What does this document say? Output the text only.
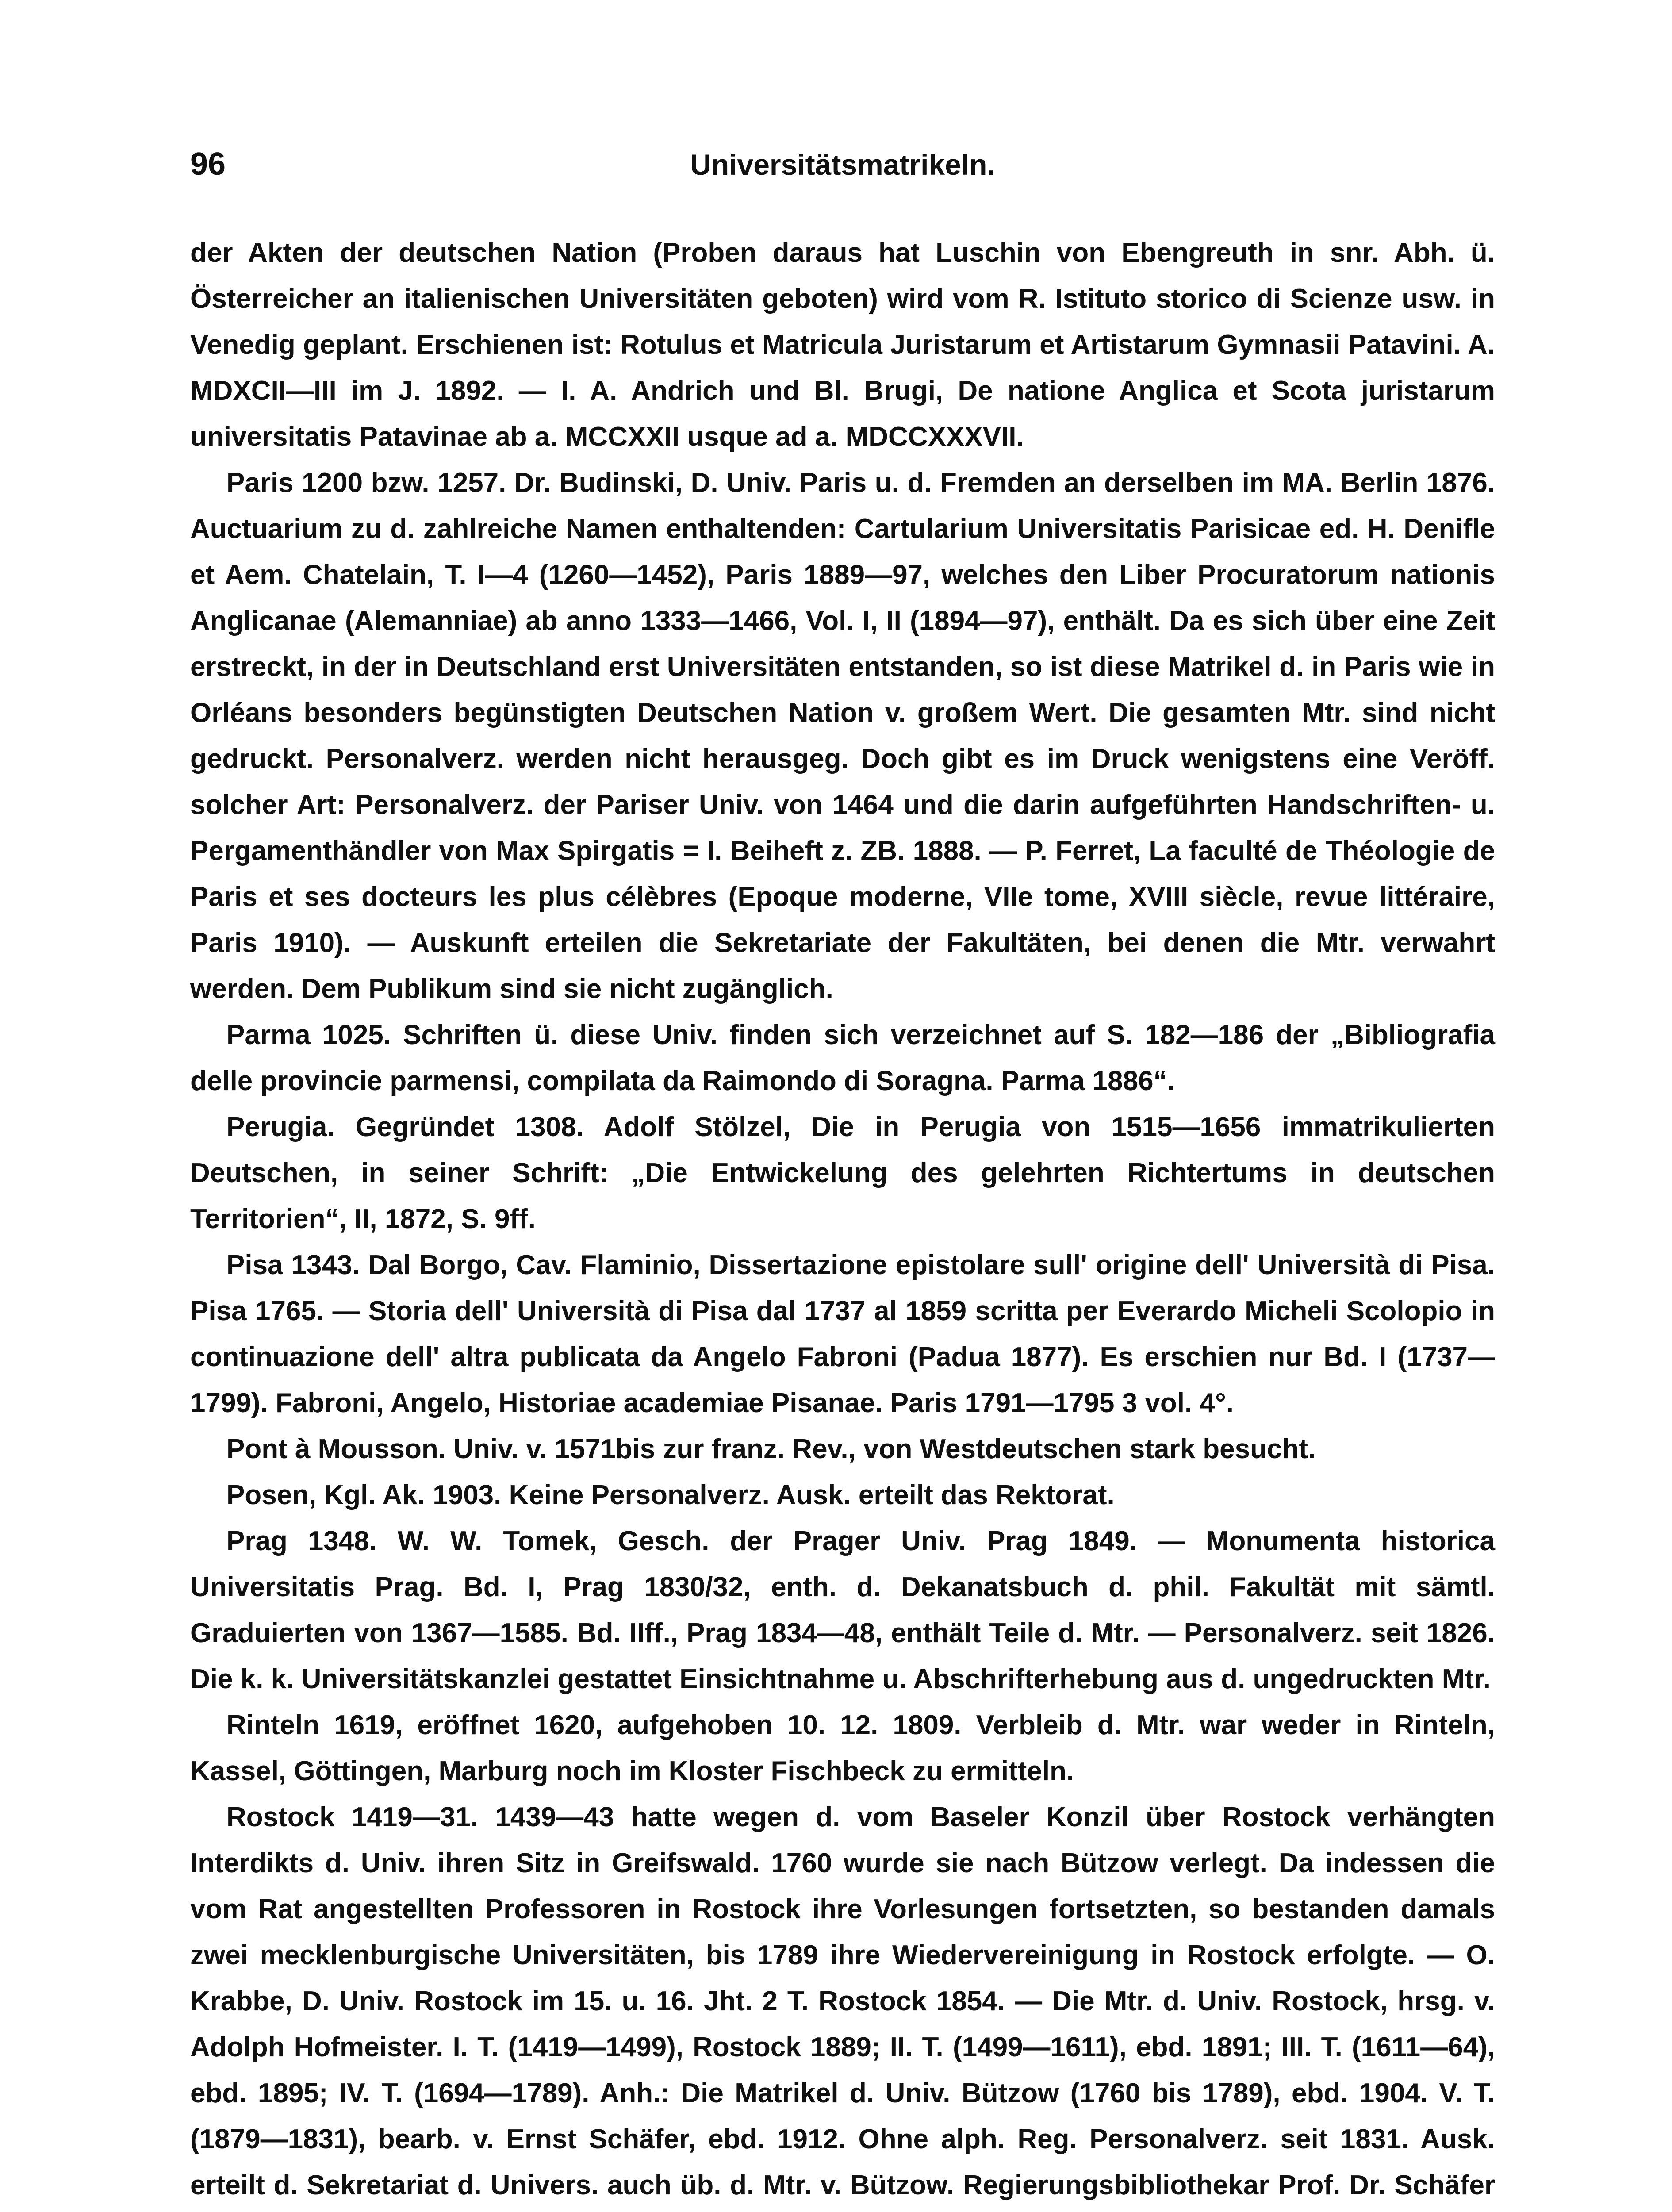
96	Universitätsmatrikeln.

der Akten der deutschen Nation (Proben daraus hat Luschin von Ebengreuth in snr. Abh. ü. Österreicher an italienischen Universitäten geboten) wird vom R. Istituto storico di Scienze usw. in Venedig geplant. Erschienen ist: Rotulus et Matricula Juristarum et Artistarum Gymnasii Patavini. A. MDXCII—III im J. 1892. — I. A. Andrich und Bl. Brugi, De natione Anglica et Scota juristarum universitatis Patavinae ab a. MCCXXII usque ad a. MDCCXXXVII.

Paris 1200 bzw. 1257. Dr. Budinski, D. Univ. Paris u. d. Fremden an derselben im MA. Berlin 1876. Auctuarium zu d. zahlreiche Namen enthaltenden: Cartularium Universitatis Parisicae ed. H. Denifle et Aem. Chatelain, T. I—4 (1260—1452), Paris 1889—97, welches den Liber Procuratorum nationis Anglicanae (Alemanniae) ab anno 1333—1466, Vol. I, II (1894—97), enthält. Da es sich über eine Zeit erstreckt, in der in Deutschland erst Universitäten entstanden, so ist diese Matrikel d. in Paris wie in Orléans besonders begünstigten Deutschen Nation v. großem Wert. Die gesamten Mtr. sind nicht gedruckt. Personalverz. werden nicht herausgeg. Doch gibt es im Druck wenigstens eine Veröff. solcher Art: Personalverz. der Pariser Univ. von 1464 und die darin aufgeführten Handschriften- u. Pergamenthändler von Max Spirgatis = I. Beiheft z. ZB. 1888. — P. Ferret, La faculté de Théologie de Paris et ses docteurs les plus célèbres (Epoque moderne, VIIe tome, XVIII siècle, revue littéraire, Paris 1910). — Auskunft erteilen die Sekretariate der Fakultäten, bei denen die Mtr. verwahrt werden. Dem Publikum sind sie nicht zugänglich.

Parma 1025. Schriften ü. diese Univ. finden sich verzeichnet auf S. 182—186 der „Bibliografia delle provincie parmensi, compilata da Raimondo di Soragna. Parma 1886“.

Perugia. Gegründet 1308. Adolf Stölzel, Die in Perugia von 1515—1656 immatrikulierten Deutschen, in seiner Schrift: „Die Entwickelung des gelehrten Richtertums in deutschen Territorien“, II, 1872, S. 9ff.

Pisa 1343. Dal Borgo, Cav. Flaminio, Dissertazione epistolare sull' origine dell' Università di Pisa. Pisa 1765. — Storia dell' Università di Pisa dal 1737 al 1859 scritta per Everardo Micheli Scolopio in continuazione dell' altra publicata da Angelo Fabroni (Padua 1877). Es erschien nur Bd. I (1737—1799). Fabroni, Angelo, Historiae academiae Pisanae. Paris 1791—1795 3 vol. 4°.

Pont à Mousson. Univ. v. 1571bis zur franz. Rev., von Westdeutschen stark besucht.

Posen, Kgl. Ak. 1903. Keine Personalverz. Ausk. erteilt das Rektorat.

Prag 1348. W. W. Tomek, Gesch. der Prager Univ. Prag 1849. — Monumenta historica Universitatis Prag. Bd. I, Prag 1830/32, enth. d. Dekanatsbuch d. phil. Fakultät mit sämtl. Graduierten von 1367—1585. Bd. IIff., Prag 1834—48, enthält Teile d. Mtr. — Personalverz. seit 1826. Die k. k. Universitätskanzlei gestattet Einsichtnahme u. Abschrifterhebung aus d. ungedruckten Mtr.

Rinteln 1619, eröffnet 1620, aufgehoben 10. 12. 1809. Verbleib d. Mtr. war weder in Rinteln, Kassel, Göttingen, Marburg noch im Kloster Fischbeck zu ermitteln.

Rostock 1419—31. 1439—43 hatte wegen d. vom Baseler Konzil über Rostock verhängten Interdikts d. Univ. ihren Sitz in Greifswald. 1760 wurde sie nach Bützow verlegt. Da indessen die vom Rat angestellten Professoren in Rostock ihre Vorlesungen fortsetzten, so bestanden damals zwei mecklenburgische Universitäten, bis 1789 ihre Wiedervereinigung in Rostock erfolgte. — O. Krabbe, D. Univ. Rostock im 15. u. 16. Jht. 2 T. Rostock 1854. — Die Mtr. d. Univ. Rostock, hrsg. v. Adolph Hofmeister. I. T. (1419—1499), Rostock 1889; II. T. (1499—1611), ebd. 1891; III. T. (1611—64), ebd. 1895; IV. T. (1694—1789). Anh.: Die Matrikel d. Univ. Bützow (1760 bis 1789), ebd. 1904. V. T. (1879—1831), bearb. v. Ernst Schäfer, ebd. 1912. Ohne alph. Reg. Personalverz. seit 1831. Ausk. erteilt d. Sekretariat d. Univers. auch üb. d. Mtr. v. Bützow. Regierungsbibliothekar Prof. Dr. Schäfer
